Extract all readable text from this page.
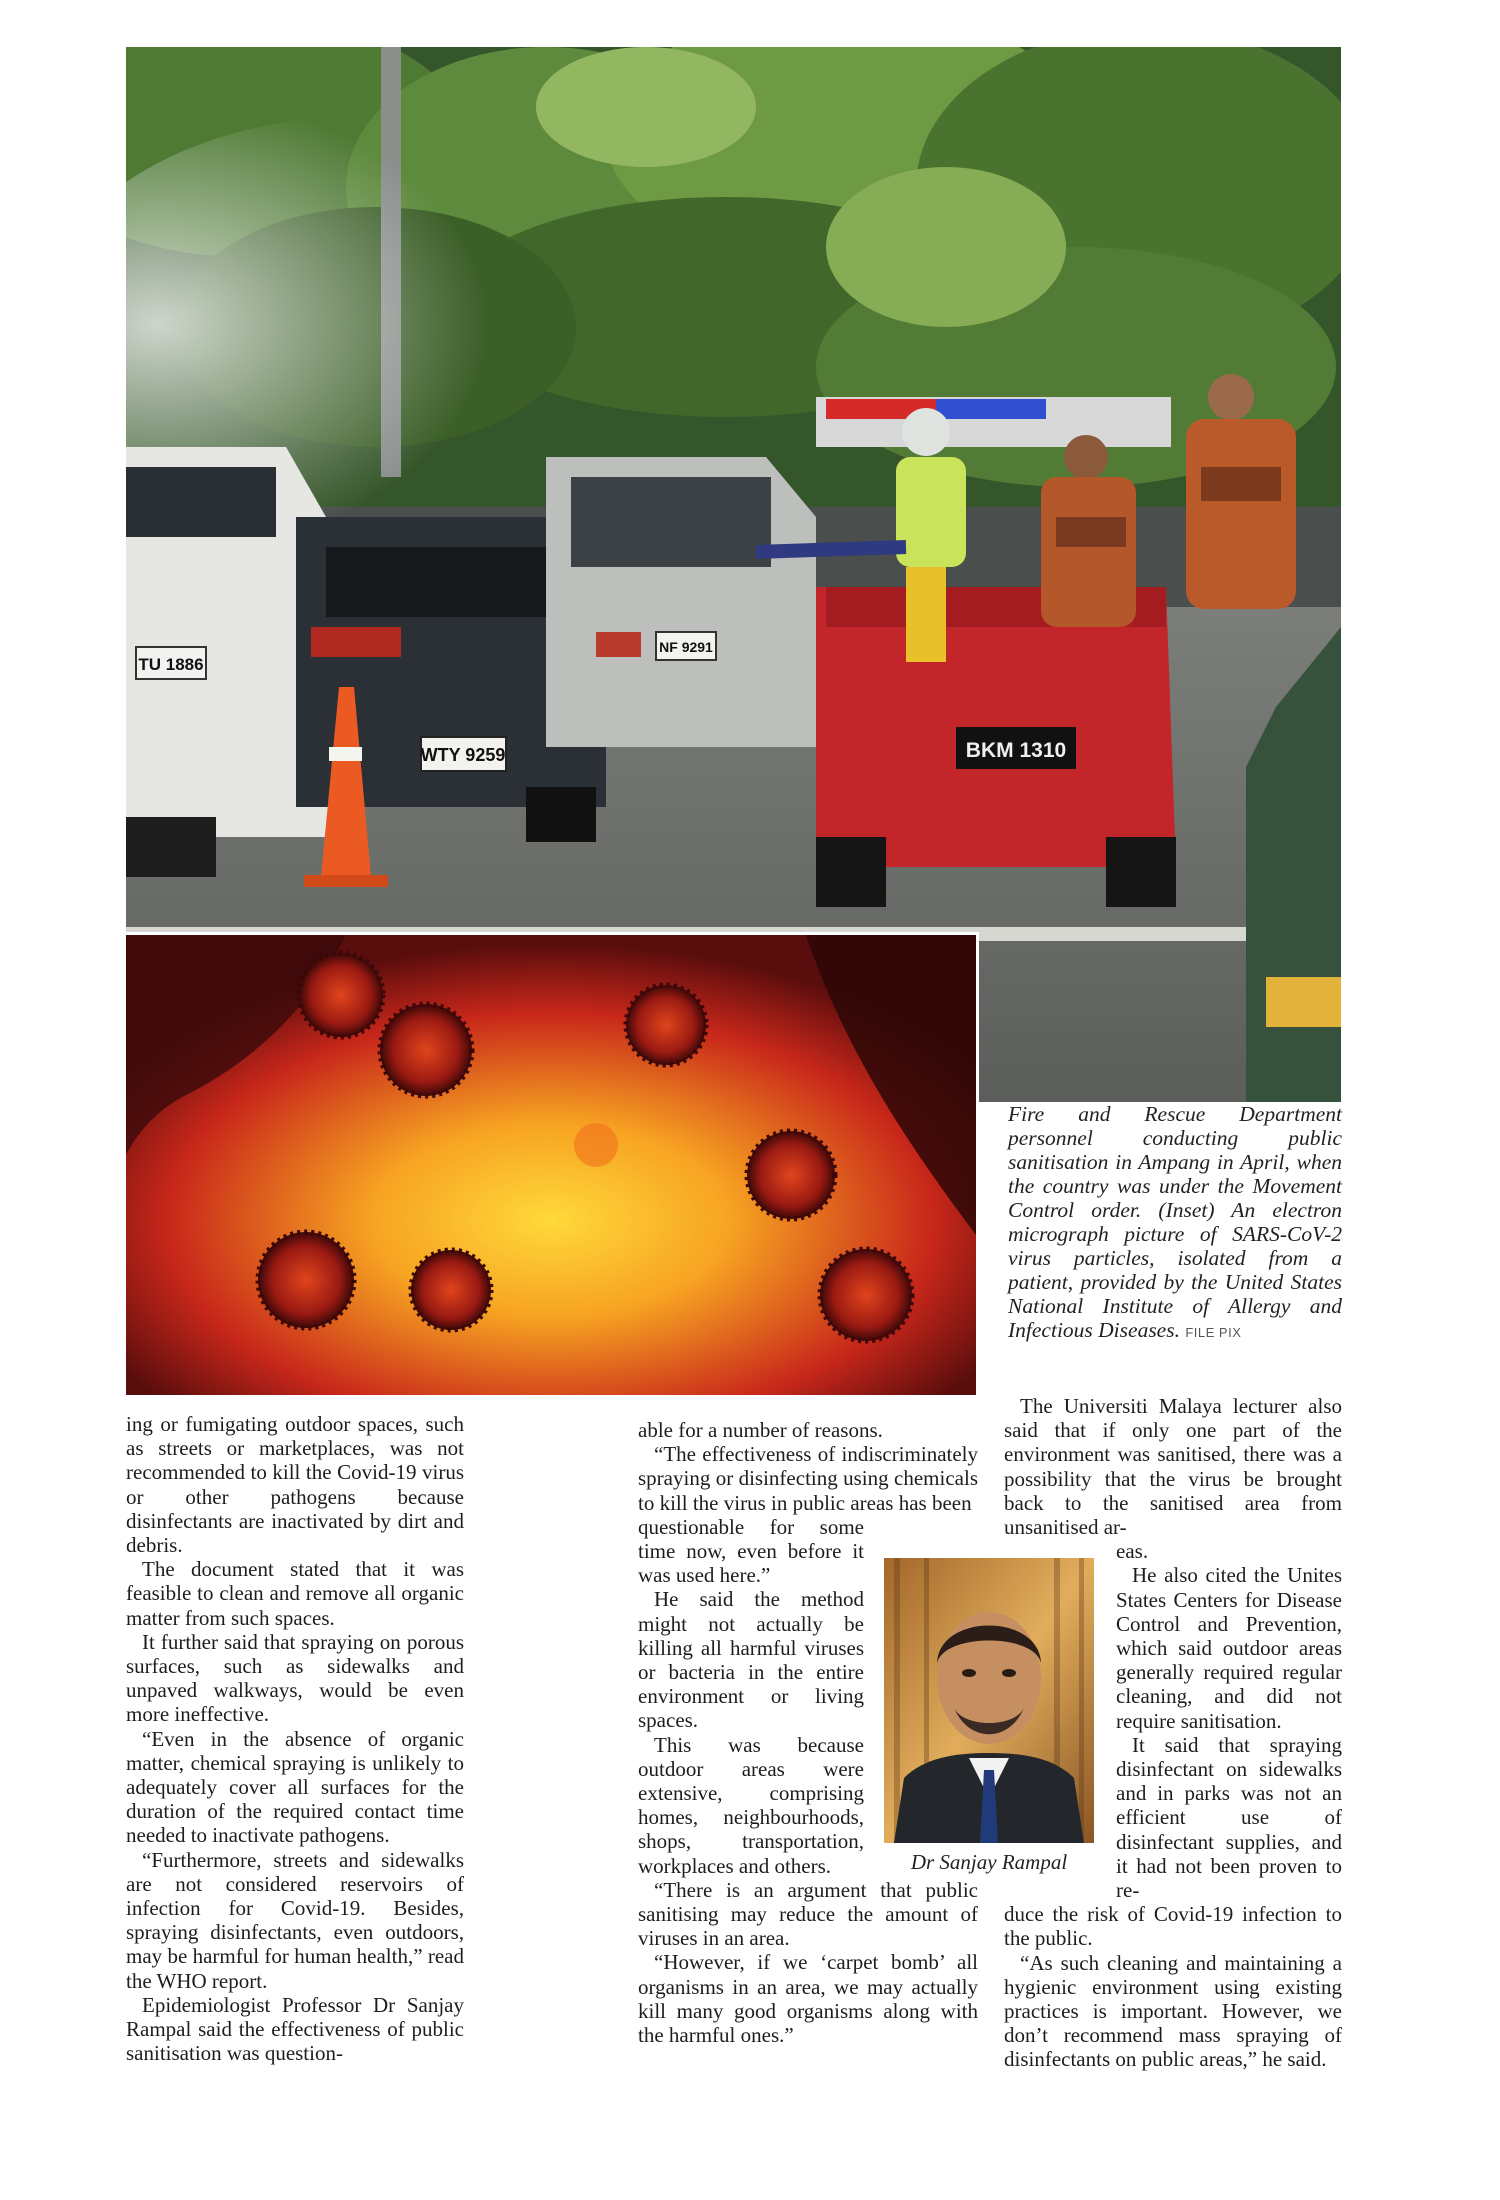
TU 1886
WTY 9259
NF 9291
BKM 1310
Fire and Rescue Department personnel conducting public sanitisation in Ampang in April, when the country was under the Movement Control order. (Inset) An electron micrograph picture of SARS-CoV-2 virus particles, isolated from a patient, provided by the United States National Institute of Allergy and Infectious Diseases. FILE PIX

ing or fumigating outdoor spaces, such as streets or marketplaces, was not recommended to kill the Covid-19 virus or other pathogens because disinfectants are inactivated by dirt and debris.

The document stated that it was feasible to clean and remove all organic matter from such spaces.

It further said that spraying on porous surfaces, such as sidewalks and unpaved walkways, would be even more ineffective.

“Even in the absence of organic matter, chemical spraying is unlikely to adequately cover all surfaces for the duration of the required contact time needed to inactivate pathogens.

“Furthermore, streets and sidewalks are not considered reservoirs of infection for Covid-19. Besides, spraying disinfectants, even outdoors, may be harmful for human health,” read the WHO report.

Epidemiologist Professor Dr Sanjay Rampal said the effectiveness of public sanitisation was question-

able for a number of reasons.

“The effectiveness of indiscriminately spraying or disinfecting using chemicals to kill the virus in public areas has been

questionable for some time now, even before it was used here.”

He said the method might not actually be killing all harmful viruses or bacteria in the entire environment or living spaces.

This was because outdoor areas were extensive, comprising homes, neighbourhoods, shops, transportation, workplaces and others.

“There is an argument that public sanitising may reduce the amount of viruses in an area.

“However, if we ‘carpet bomb’ all organisms in an area, we may actually kill many good organisms along with the harmful ones.”

The Universiti Malaya lecturer also said that if only one part of the environment was sanitised, there was a possibility that the virus be brought back to the sanitised area from unsanitised ar-

eas.

He also cited the Unites States Centers for Disease Control and Prevention, which said outdoor areas generally required regular cleaning, and did not require sanitisation.

It said that spraying disinfectant on sidewalks and in parks was not an efficient use of disinfectant supplies, and it had not been proven to re-

duce the risk of Covid-19 infection to the public.

“As such cleaning and maintaining a hygienic environment using existing practices is important. However, we don’t recommend mass spraying of disinfectants on public areas,” he said.

Dr Sanjay Rampal
